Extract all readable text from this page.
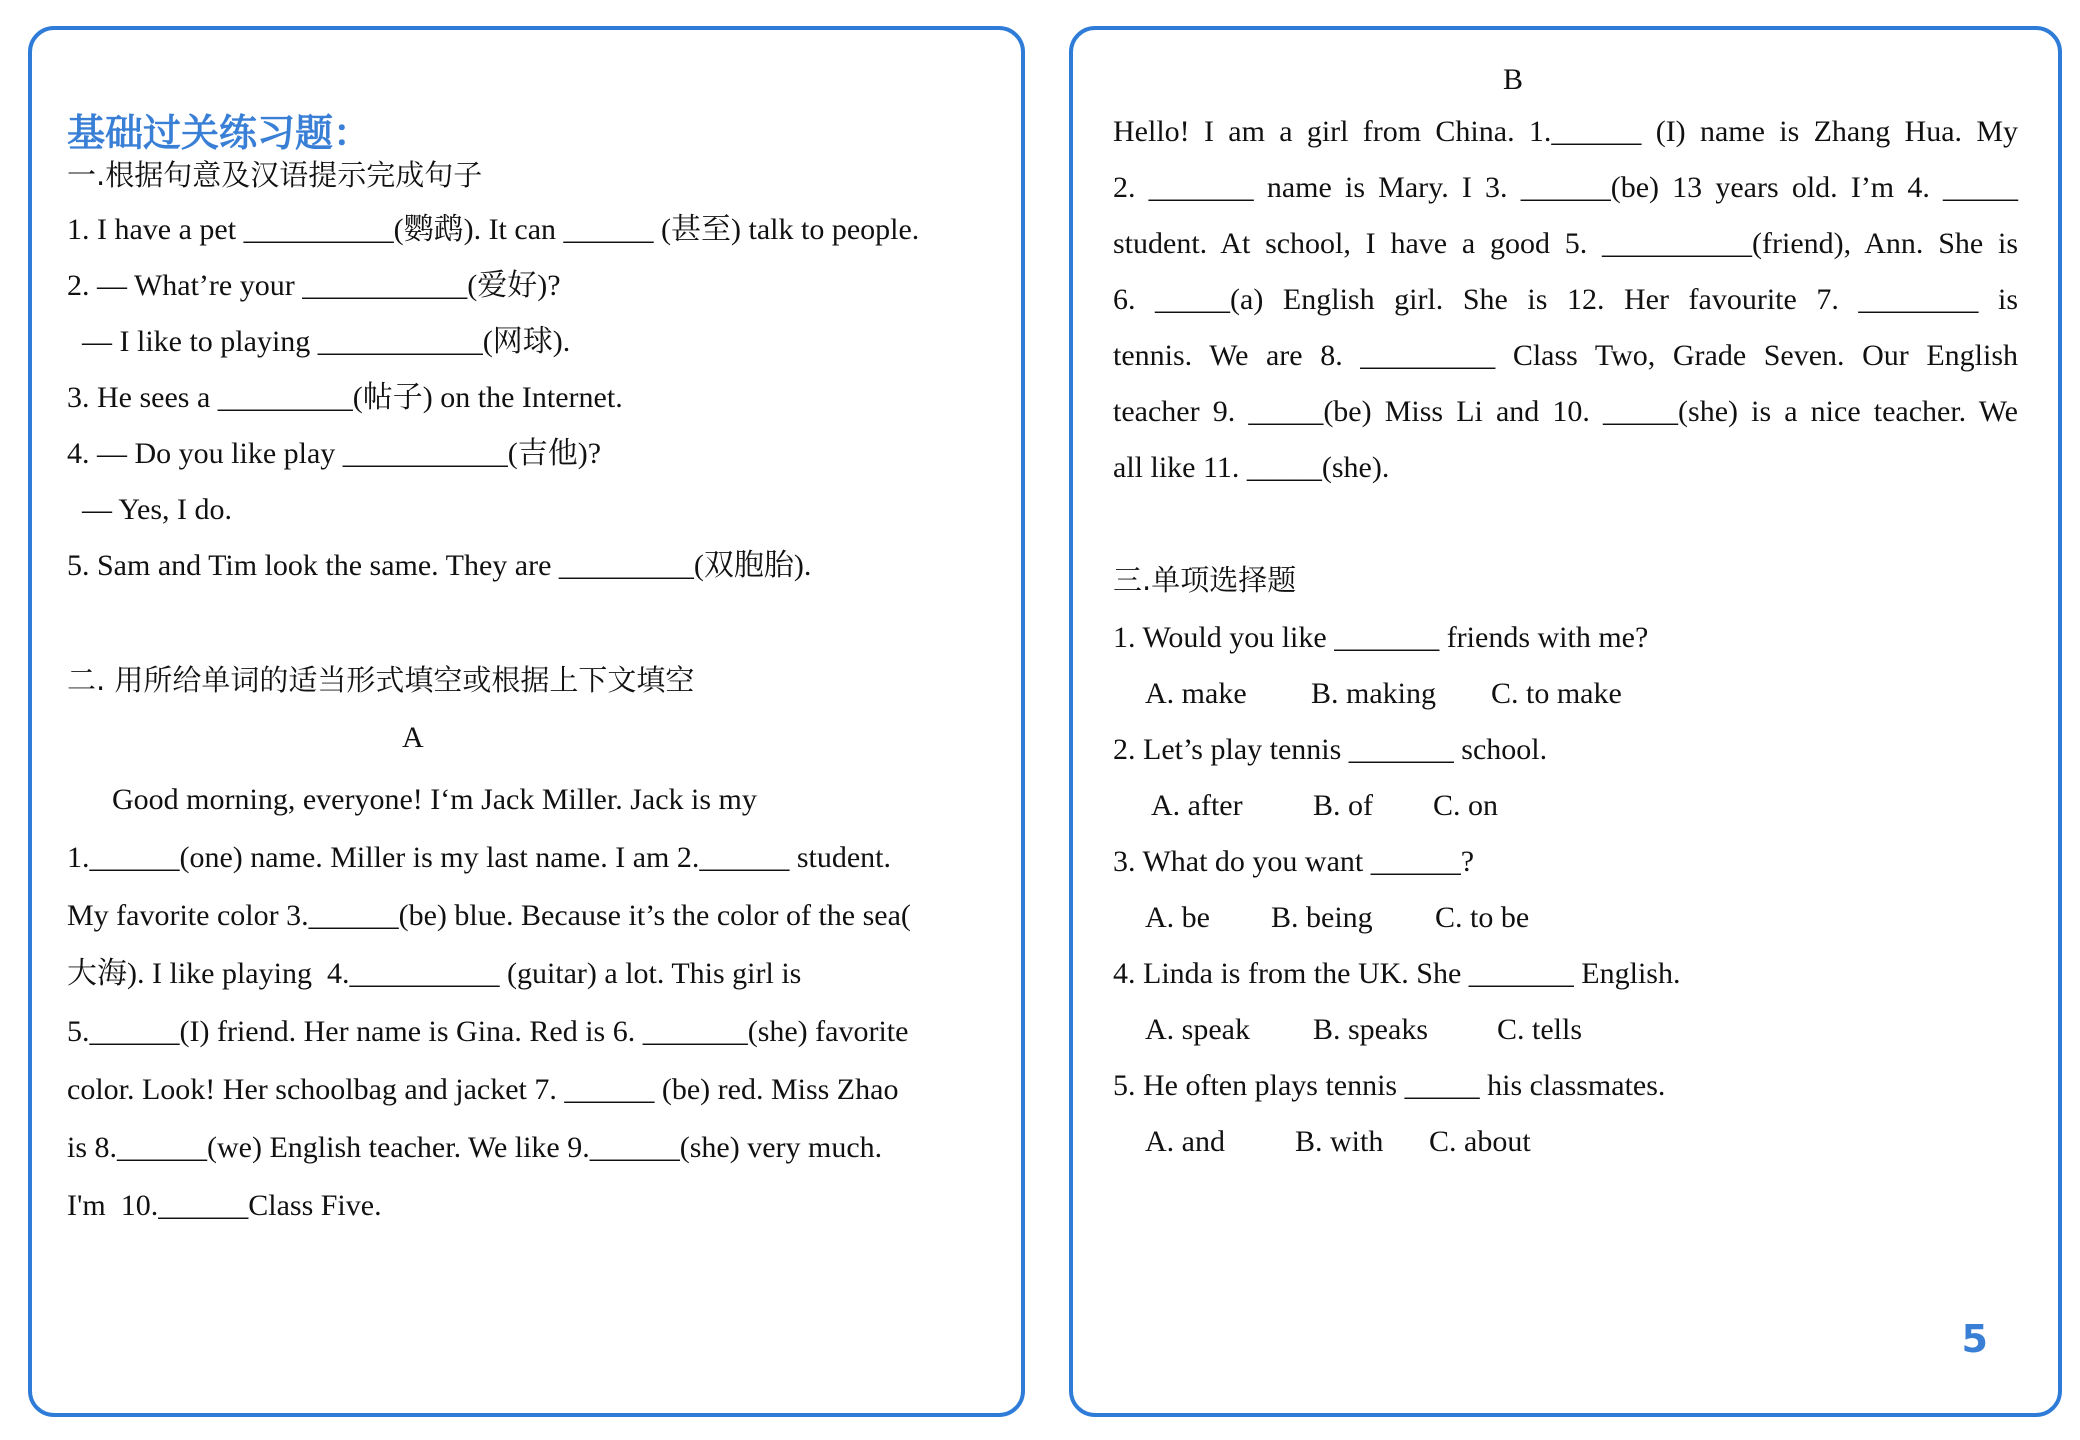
基础过关练习题：
一.根据句意及汉语提示完成句子
1. I have a pet __________(鹦鹉). It can ______ (甚至) talk to people.
2. — What’re your ___________(爱好)?
— I like to playing ___________(网球).
3. He sees a _________(帖子) on the Internet.
4. — Do you like play ___________(吉他)?
— Yes, I do.
5. Sam and Tim look the same. They are _________(双胞胎).
二. 用所给单词的适当形式填空或根据上下文填空
A
Good morning, everyone! I‘m Jack Miller. Jack is my
1.______(one) name. Miller is my last name. I am 2.______ student.
My favorite color 3.______(be) blue. Because it’s the color of the sea(
大海). I like playing  4.__________ (guitar) a lot. This girl is
5.______(I) friend. Her name is Gina. Red is 6. _______(she) favorite
color. Look! Her schoolbag and jacket 7. ______ (be) red. Miss Zhao
is 8.______(we) English teacher. We like 9.______(she) very much.
I'm  10.______Class Five.
B
Hello! I am a girl from China. 1.______ (I) name is Zhang Hua. My
2. _______ name is Mary. I 3. ______(be) 13 years old. I’m 4. _____
student. At school, I have a good 5. __________(friend), Ann. She is
6. _____(a) English girl. She is 12. Her favourite 7. ________ is
tennis. We are 8. _________ Class Two, Grade Seven. Our English
teacher 9. _____(be) Miss Li and 10. _____(she) is a nice teacher. We
all like 11. _____(she).
三.单项选择题
1. Would you like _______ friends with me?
A. make B. making C. to make
2. Let’s play tennis _______ school.
A. after B. of C. on
3. What do you want ______?
A. be B. being C. to be
4. Linda is from the UK. She _______ English.
A. speak B. speaks C. tells
5. He often plays tennis _____ his classmates.
A. and B. with C. about
5
